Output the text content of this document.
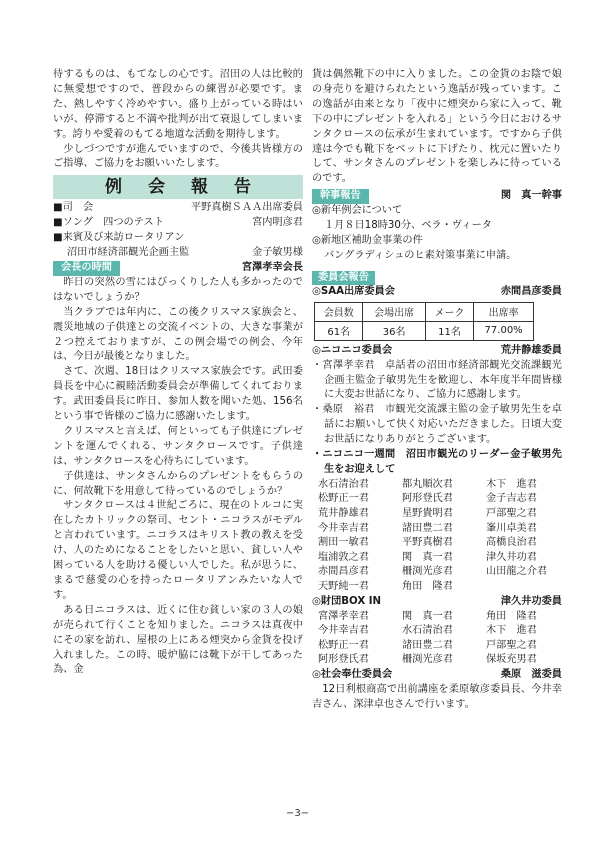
待するものは、もてなしの心です。沼田の人は比較的に無愛想ですので、普段からの練習が必要です。また、熱しやすく冷めやすい。盛り上がっている時はいいが、停滞すると不満や批判が出て衰退してしまいます。誇りや愛着のもてる地道な活動を期待します。

少しづつですが進んでいますので、今後共皆様方のご指導、ご協力をお願いいたします。

例会報告
■司　会	平野真樹ＳＡＡ出席委員
■ソング　四つのテスト	宮内明彦君
■来賓及び来訪ロータリアン
沼田市経済部観光企画主監	金子敏男様
会長の時間	宮澤孝幸会長

昨日の突然の雪にはびっくりした人も多かったのではないでしょうか？

当クラブでは年内に、この後クリスマス家族会と、震災地域の子供達との交流イベントの、大きな事業が２つ控えておりますが、この例会場での例会、今年は、今日が最後となりました。

さて、次週、18日はクリスマス家族会です。武田委員長を中心に親睦活動委員会が準備してくれております。武田委員長に昨日、参加人数を聞いた処、156名という事で皆様のご協力に感謝いたします。

クリスマスと言えば、何といっても子供達にプレゼントを運んでくれる、サンタクロースです。子供達は、サンタクロースを心待ちにしています。

子供達は、サンタさんからのプレゼントをもらうのに、何故靴下を用意して待っているのでしょうか？

サンタクロースは４世紀ごろに、現在のトルコに実在したカトリックの祭司、セント・ニコラスがモデルと言われています。ニコラスはキリスト教の教えを受け、人のためになることをしたいと思い、貧しい人や困っている人を助ける優しい人でした。私が思うに、まるで慈愛の心を持ったロータリアンみたいな人です。

ある日ニコラスは、近くに住む貧しい家の３人の娘が売られて行くことを知りました。ニコラスは真夜中にその家を訪れ、屋根の上にある煙突から金貨を投げ入れました。この時、暖炉脇には靴下が干してあった為、金

貨は偶然靴下の中に入りました。この金貨のお陰で娘の身売りを避けられたという逸話が残っています。この逸話が由来となり「夜中に煙突から家に入って、靴下の中にプレゼントを入れる」という今日におけるサンタクロースの伝承が生まれています。ですから子供達は今でも靴下をベットに下げたり、枕元に置いたりして、サンタさんのプレゼントを楽しみに待っているのです。

幹事報告	関　真一幹事
◎新年例会について
１月８日18時30分、ベラ・ヴィータ
◎新地区補助金事業の件
バングラディシュのヒ素対策事業に申請。
委員会報告
◎SAA出席委員会	赤間昌彦委員
会員数	会場出席	メーク	出席率
61名	36名	11名	77.00%
◎ニコニコ委員会	荒井静雄委員

・宮澤孝幸君　卓話者の沼田市経済部観光交流課観光企画主監金子敏男先生を歓迎し、本年度半年間皆様に大変お世話になり、ご協力に感謝します。

・桑原　裕君　市観光交流課主監の金子敏男先生を卓話にお願いして快く対応いただきました。日頃大変お世話になりありがとうございます。

・ニコニコ一週間　沼田市観光のリーダー金子敏男先生をお迎えして

水石清治君	都丸順次君	木下　進君
松野正一君	阿形登氏君	金子吉志君
荒井静雄君	星野貴明君	戸部聖之君
今井幸吉君	諸田豊二君	峯川卓美君
割田一敏君	平野真樹君	高橋良治君
塩浦敦之君	関　真一君	津久井功君
赤間昌彦君	柵渕光彦君	山田龍之介君
天野純一君	角田　隆君
◎財団BOX IN	津久井功委員
宮澤孝幸君	関　真一君	角田　隆君
今井幸吉君	水石清治君	木下　進君
松野正一君	諸田豊二君	戸部聖之君
阿形登氏君	柵渕光彦君	保坂充男君
◎社会奉仕委員会	桑原　滋委員

12日利根商高で出前講座を柔原敏彦委員長、今井幸吉さん、深津卓也さんで行います。

−3−
